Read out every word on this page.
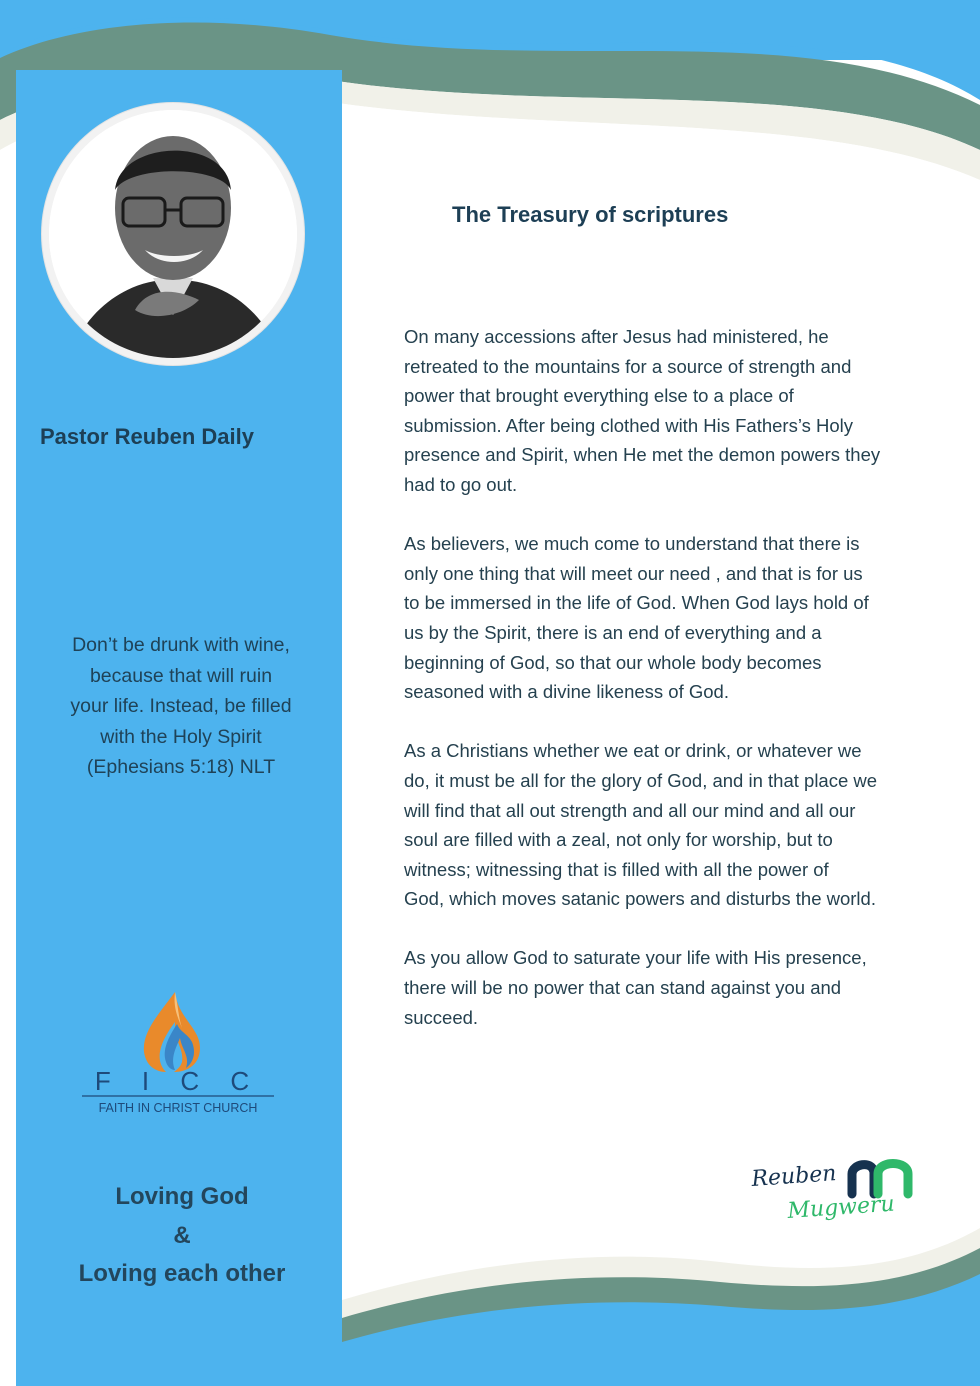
Pastor Reuben Daily
Don’t be drunk with wine,
because that will ruin
your life. Instead, be filled
with the Holy Spirit
(Ephesians 5:18) NLT
F I C C
FAITH IN CHRIST CHURCH
Loving God
&
Loving each other
The Treasury of scriptures

On many accessions after Jesus had ministered, he
retreated to the mountains for a source of strength and
power that brought everything else to a place of
submission. After being clothed with His Fathers’s Holy
presence and Spirit, when He met the demon powers they
had to go out.

As believers, we much come to understand that there is
only one thing that will meet our need , and that is for us
to be immersed in the life of God. When God lays hold of
us by the Spirit, there is an end of everything and a
beginning of God, so that our whole body becomes
seasoned with a divine likeness of God.

As a Christians whether we eat or drink, or whatever we
do, it must be all for the glory of God, and in that place we
will find that all out strength and all our mind and all our
soul are filled with a zeal, not only for worship, but to
witness; witnessing that is filled with all the power of
God, which moves satanic powers and disturbs the world.

As you allow God to saturate your life with His presence,
there will be no power that can stand against you and
succeed.

Reuben
Mugweru
